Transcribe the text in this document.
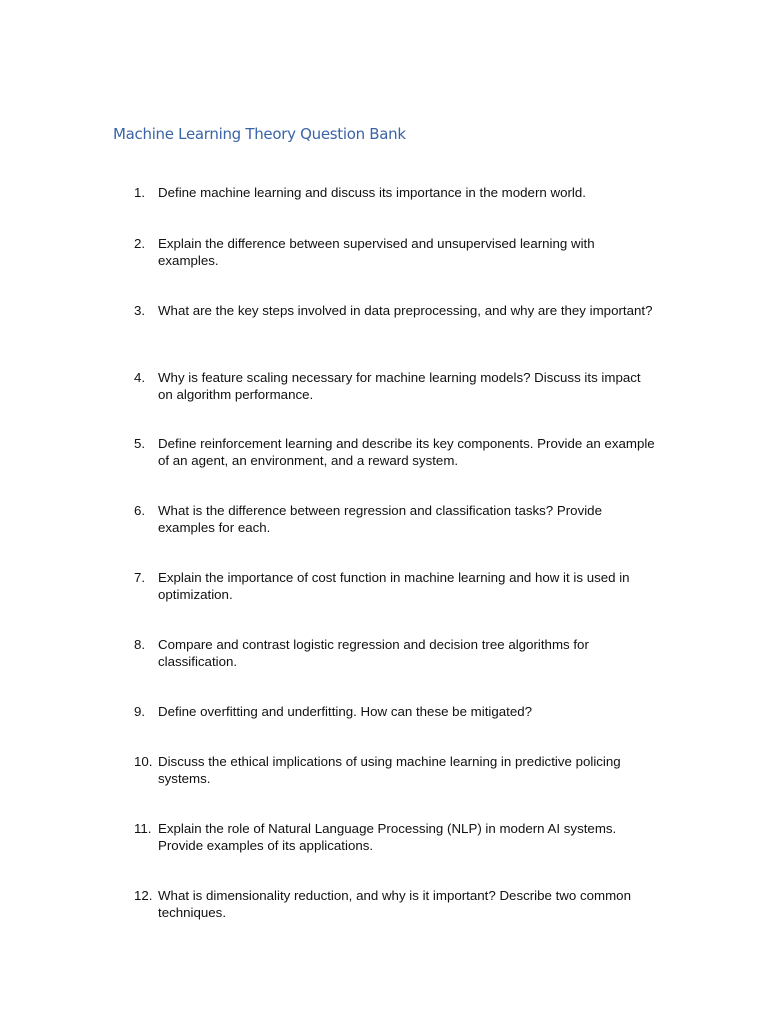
Machine Learning Theory Question Bank
1. Define machine learning and discuss its importance in the modern world.
2. Explain the difference between supervised and unsupervised learning with examples.
3. What are the key steps involved in data preprocessing, and why are they important?
4. Why is feature scaling necessary for machine learning models? Discuss its impact on algorithm performance.
5. Define reinforcement learning and describe its key components. Provide an example of an agent, an environment, and a reward system.
6. What is the difference between regression and classification tasks? Provide examples for each.
7. Explain the importance of cost function in machine learning and how it is used in optimization.
8. Compare and contrast logistic regression and decision tree algorithms for classification.
9. Define overfitting and underfitting. How can these be mitigated?
10. Discuss the ethical implications of using machine learning in predictive policing systems.
11. Explain the role of Natural Language Processing (NLP) in modern AI systems. Provide examples of its applications.
12. What is dimensionality reduction, and why is it important? Describe two common techniques.
